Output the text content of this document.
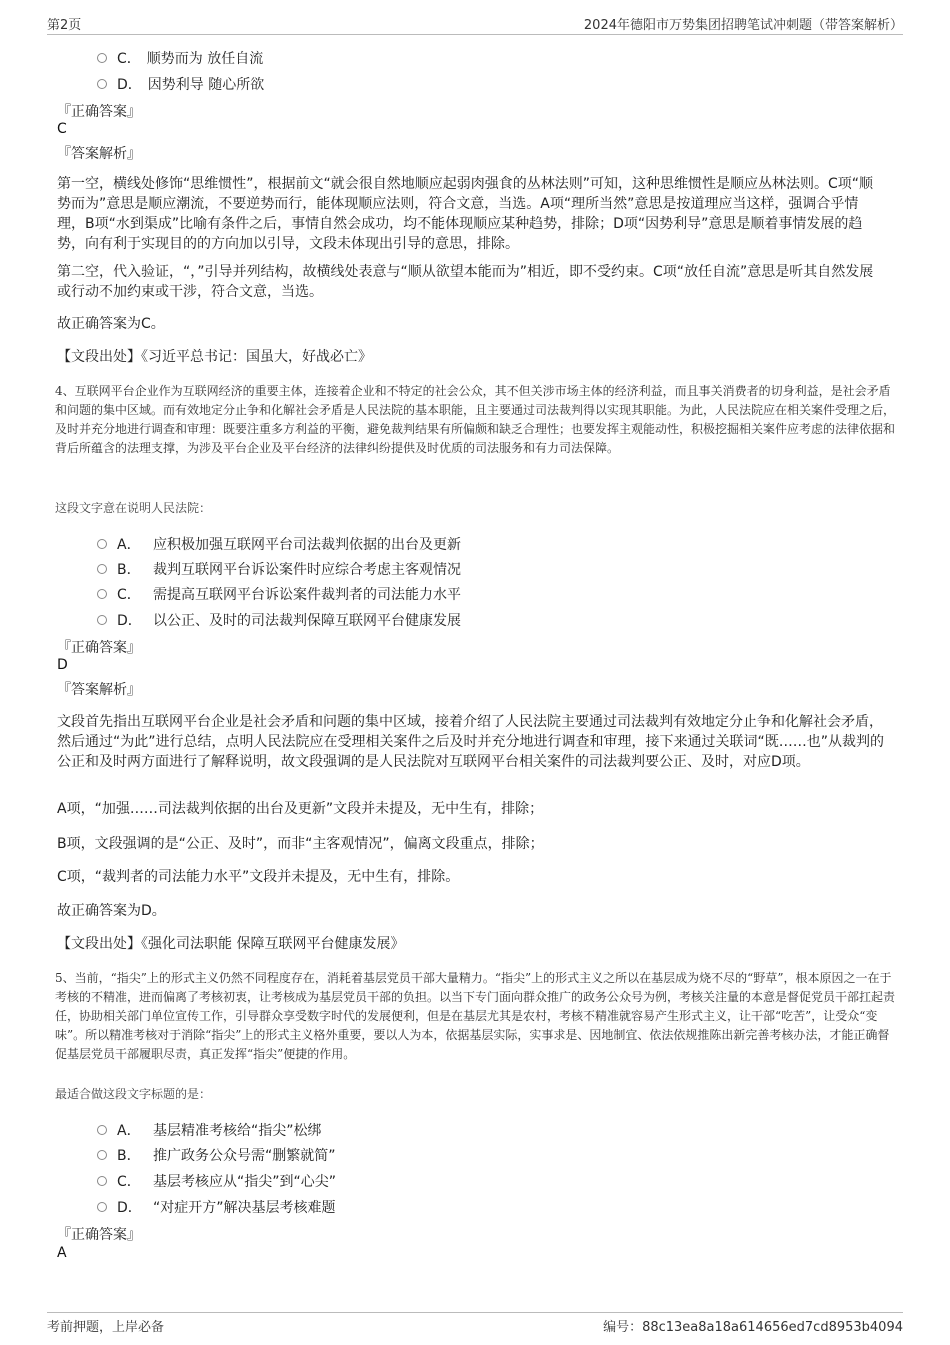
第2页	2024年德阳市万势集团招聘笔试冲刺题（带答案解析）
C． 顺势而为 放任自流
D． 因势利导 随心所欲
『正确答案』
C
『答案解析』

第一空，横线处修饰“思维惯性”，根据前文“就会很自然地顺应起弱肉强食的丛林法则”可知，这种思维惯性是顺应丛林法则。C项“顺势而为”意思是顺应潮流，不要逆势而行，能体现顺应法则，符合文意，当选。A项“理所当然”意思是按道理应当这样，强调合乎情理，B项“水到渠成”比喻有条件之后，事情自然会成功，均不能体现顺应某种趋势，排除；D项“因势利导”意思是顺着事情发展的趋势，向有利于实现目的的方向加以引导，文段未体现出引导的意思，排除。

第二空，代入验证，“，”引导并列结构，故横线处表意与“顺从欲望本能而为”相近，即不受约束。C项“放任自流”意思是听其自然发展或行动不加约束或干涉，符合文意，当选。

故正确答案为C。

【文段出处】《习近平总书记：国虽大，好战必亡》

4、互联网平台企业作为互联网经济的重要主体，连接着企业和不特定的社会公众，其不但关涉市场主体的经济利益，而且事关消费者的切身利益，是社会矛盾和问题的集中区域。而有效地定分止争和化解社会矛盾是人民法院的基本职能，且主要通过司法裁判得以实现其职能。为此，人民法院应在相关案件受理之后，及时并充分地进行调查和审理：既要注重多方利益的平衡，避免裁判结果有所偏颇和缺乏合理性；也要发挥主观能动性，积极挖掘相关案件应考虑的法律依据和背后所蕴含的法理支撑，为涉及平台企业及平台经济的法律纠纷提供及时优质的司法服务和有力司法保障。

这段文字意在说明人民法院：
A． 应积极加强互联网平台司法裁判依据的出台及更新
B． 裁判互联网平台诉讼案件时应综合考虑主客观情况
C． 需提高互联网平台诉讼案件裁判者的司法能力水平
D． 以公正、及时的司法裁判保障互联网平台健康发展
『正确答案』
D
『答案解析』

文段首先指出互联网平台企业是社会矛盾和问题的集中区域，接着介绍了人民法院主要通过司法裁判有效地定分止争和化解社会矛盾，然后通过“为此”进行总结，点明人民法院应在受理相关案件之后及时并充分地进行调查和审理，接下来通过关联词“既……也”从裁判的公正和及时两方面进行了解释说明，故文段强调的是人民法院对互联网平台相关案件的司法裁判要公正、及时，对应D项。

A项，“加强……司法裁判依据的出台及更新”文段并未提及，无中生有，排除；

B项，文段强调的是“公正、及时”，而非“主客观情况”，偏离文段重点，排除；

C项，“裁判者的司法能力水平”文段并未提及，无中生有，排除。

故正确答案为D。

【文段出处】《强化司法职能 保障互联网平台健康发展》

5、当前，“指尖”上的形式主义仍然不同程度存在，消耗着基层党员干部大量精力。“指尖”上的形式主义之所以在基层成为烧不尽的“野草”，根本原因之一在于考核的不精准，进而偏离了考核初衷，让考核成为基层党员干部的负担。以当下专门面向群众推广的政务公众号为例，考核关注量的本意是督促党员干部扛起责任，协助相关部门单位宣传工作，引导群众享受数字时代的发展便利，但是在基层尤其是农村，考核不精准就容易产生形式主义，让干部“吃苦”，让受众“变味”。所以精准考核对于消除“指尖”上的形式主义格外重要，要以人为本，依据基层实际，实事求是、因地制宜、依法依规推陈出新完善考核办法，才能正确督促基层党员干部履职尽责，真正发挥“指尖”便捷的作用。

最适合做这段文字标题的是：
A． 基层精准考核给“指尖”松绑
B． 推广政务公众号需“删繁就简”
C． 基层考核应从“指尖”到“心尖”
D． “对症开方”解决基层考核难题
『正确答案』
A
考前押题，上岸必备	编号：88c13ea8a18a614656ed7cd8953b4094
